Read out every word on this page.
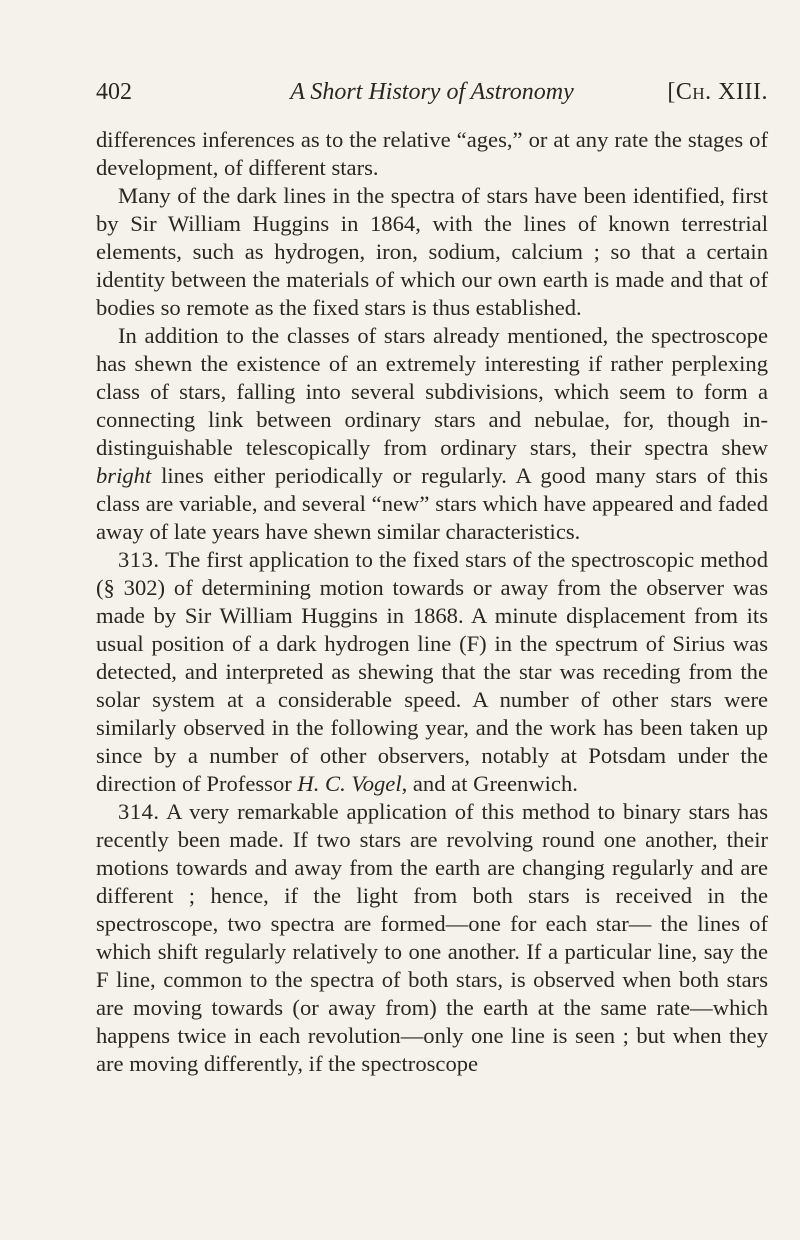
402	A Short History of Astronomy	[Ch. XIII.

differences inferences as to the relative “ages,” or at any rate the stages of development, of different stars.

Many of the dark lines in the spectra of stars have been identified, first by Sir William Huggins in 1864, with the lines of known terrestrial elements, such as hydrogen, iron, sodium, calcium ; so that a certain identity between the materials of which our own earth is made and that of bodies so remote as the fixed stars is thus established.

In addition to the classes of stars already mentioned, the spectroscope has shewn the existence of an extremely interesting if rather perplexing class of stars, falling into several subdivisions, which seem to form a connecting link between ordinary stars and nebulae, for, though indistinguishable telescopically from ordinary stars, their spectra shew bright lines either periodically or regularly. A good many stars of this class are variable, and several “new” stars which have appeared and faded away of late years have shewn similar characteristics.

313. The first application to the fixed stars of the spectroscopic method (§ 302) of determining motion towards or away from the observer was made by Sir William Huggins in 1868. A minute displacement from its usual position of a dark hydrogen line (F) in the spectrum of Sirius was detected, and interpreted as shewing that the star was receding from the solar system at a considerable speed. A number of other stars were similarly observed in the following year, and the work has been taken up since by a number of other observers, notably at Potsdam under the direction of Professor H. C. Vogel, and at Greenwich.

314. A very remarkable application of this method to binary stars has recently been made. If two stars are revolving round one another, their motions towards and away from the earth are changing regularly and are different ; hence, if the light from both stars is received in the spectroscope, two spectra are formed—one for each star— the lines of which shift regularly relatively to one another. If a particular line, say the F line, common to the spectra of both stars, is observed when both stars are moving towards (or away from) the earth at the same rate—which happens twice in each revolution—only one line is seen ; but when they are moving differently, if the spectroscope
